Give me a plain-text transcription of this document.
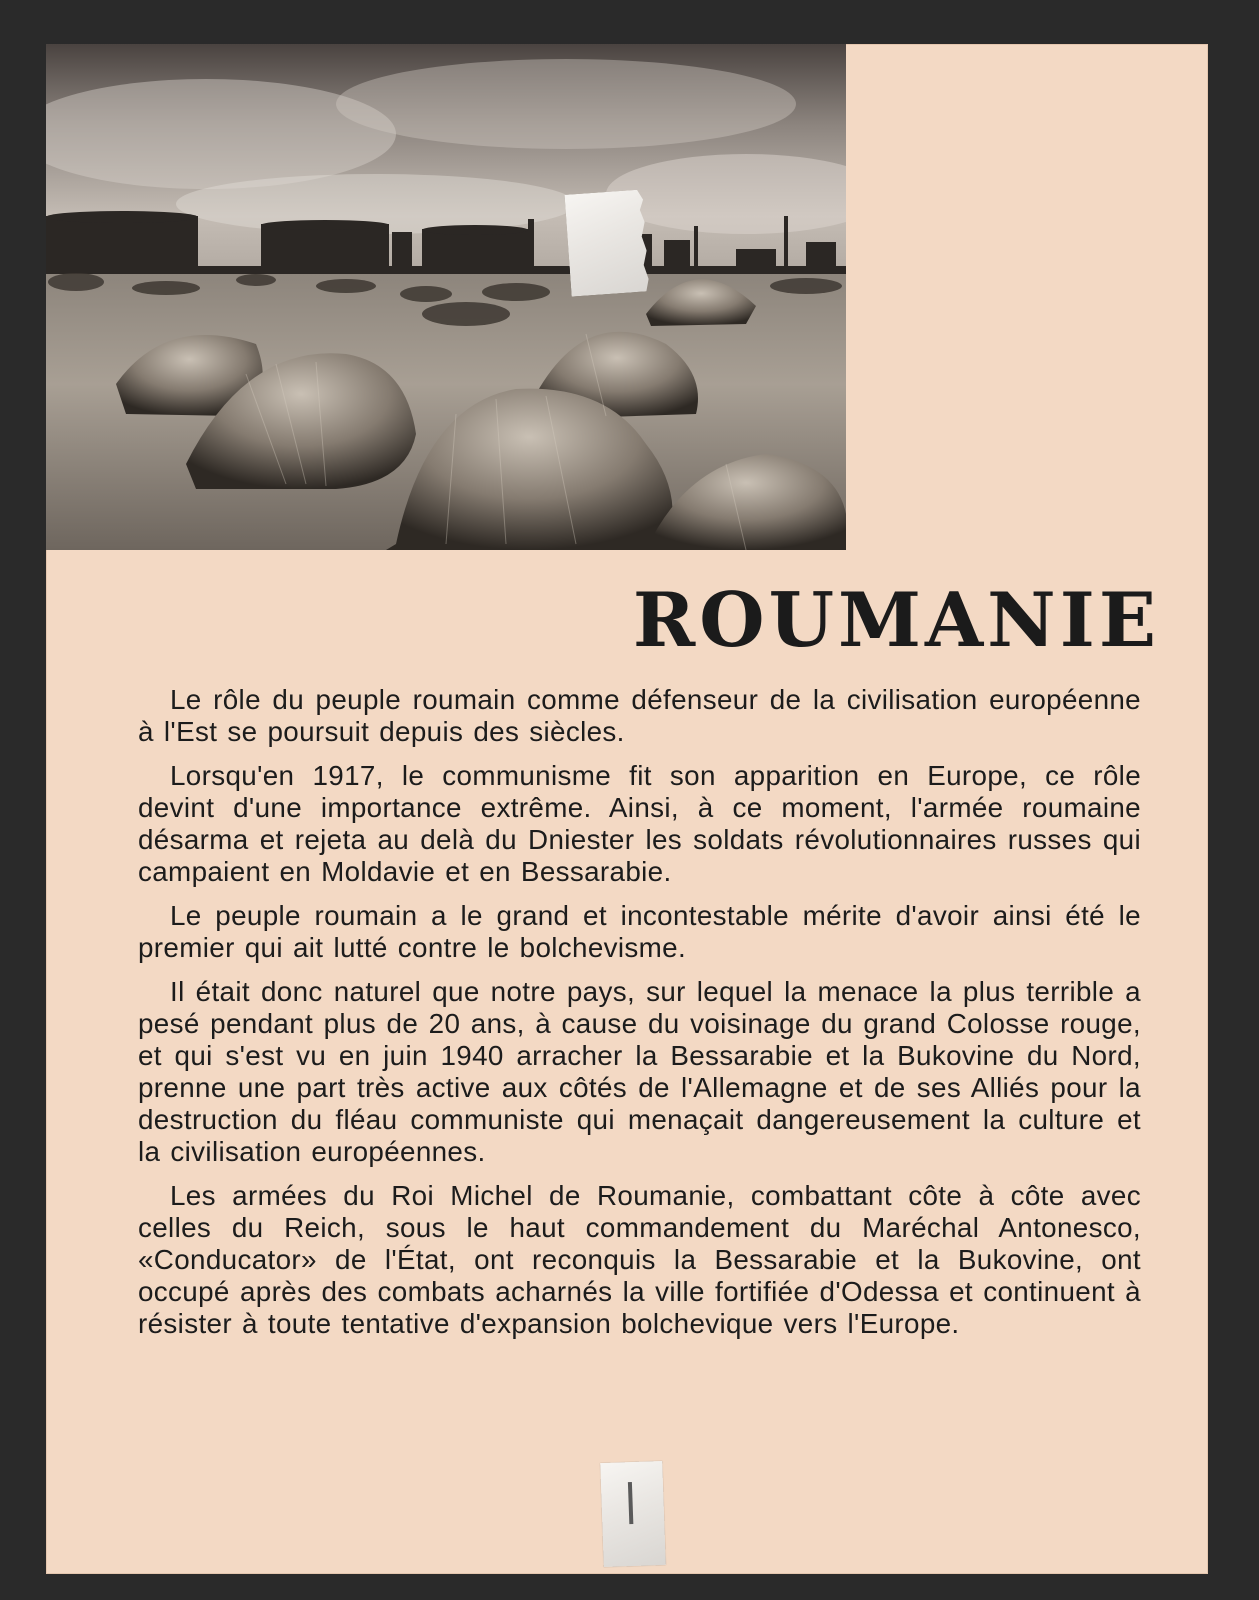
ROUMANIE

Le rôle du peuple roumain comme défenseur de la civilisation européenne à l'Est se poursuit depuis des siècles.

Lorsqu'en 1917, le communisme fit son apparition en Europe, ce rôle devint d'une importance extrême. Ainsi, à ce moment, l'armée roumaine désarma et rejeta au delà du Dniester les soldats révolutionnaires russes qui campaient en Moldavie et en Bessarabie.

Le peuple roumain a le grand et incontestable mérite d'avoir ainsi été le premier qui ait lutté contre le bolchevisme.

Il était donc naturel que notre pays, sur lequel la menace la plus terrible a pesé pendant plus de 20 ans, à cause du voisinage du grand Colosse rouge, et qui s'est vu en juin 1940 arracher la Bessarabie et la Bukovine du Nord, prenne une part très active aux côtés de l'Allemagne et de ses Alliés pour la destruction du fléau communiste qui menaçait dangereusement la culture et la civilisation européennes.

Les armées du Roi Michel de Roumanie, combattant côte à côte avec celles du Reich, sous le haut commandement du Maréchal Antonesco, «Conducator» de l'État, ont reconquis la Bessarabie et la Bukovine, ont occupé après des combats acharnés la ville fortifiée d'Odessa et continuent à résister à toute tentative d'expansion bolchevique vers l'Europe.
